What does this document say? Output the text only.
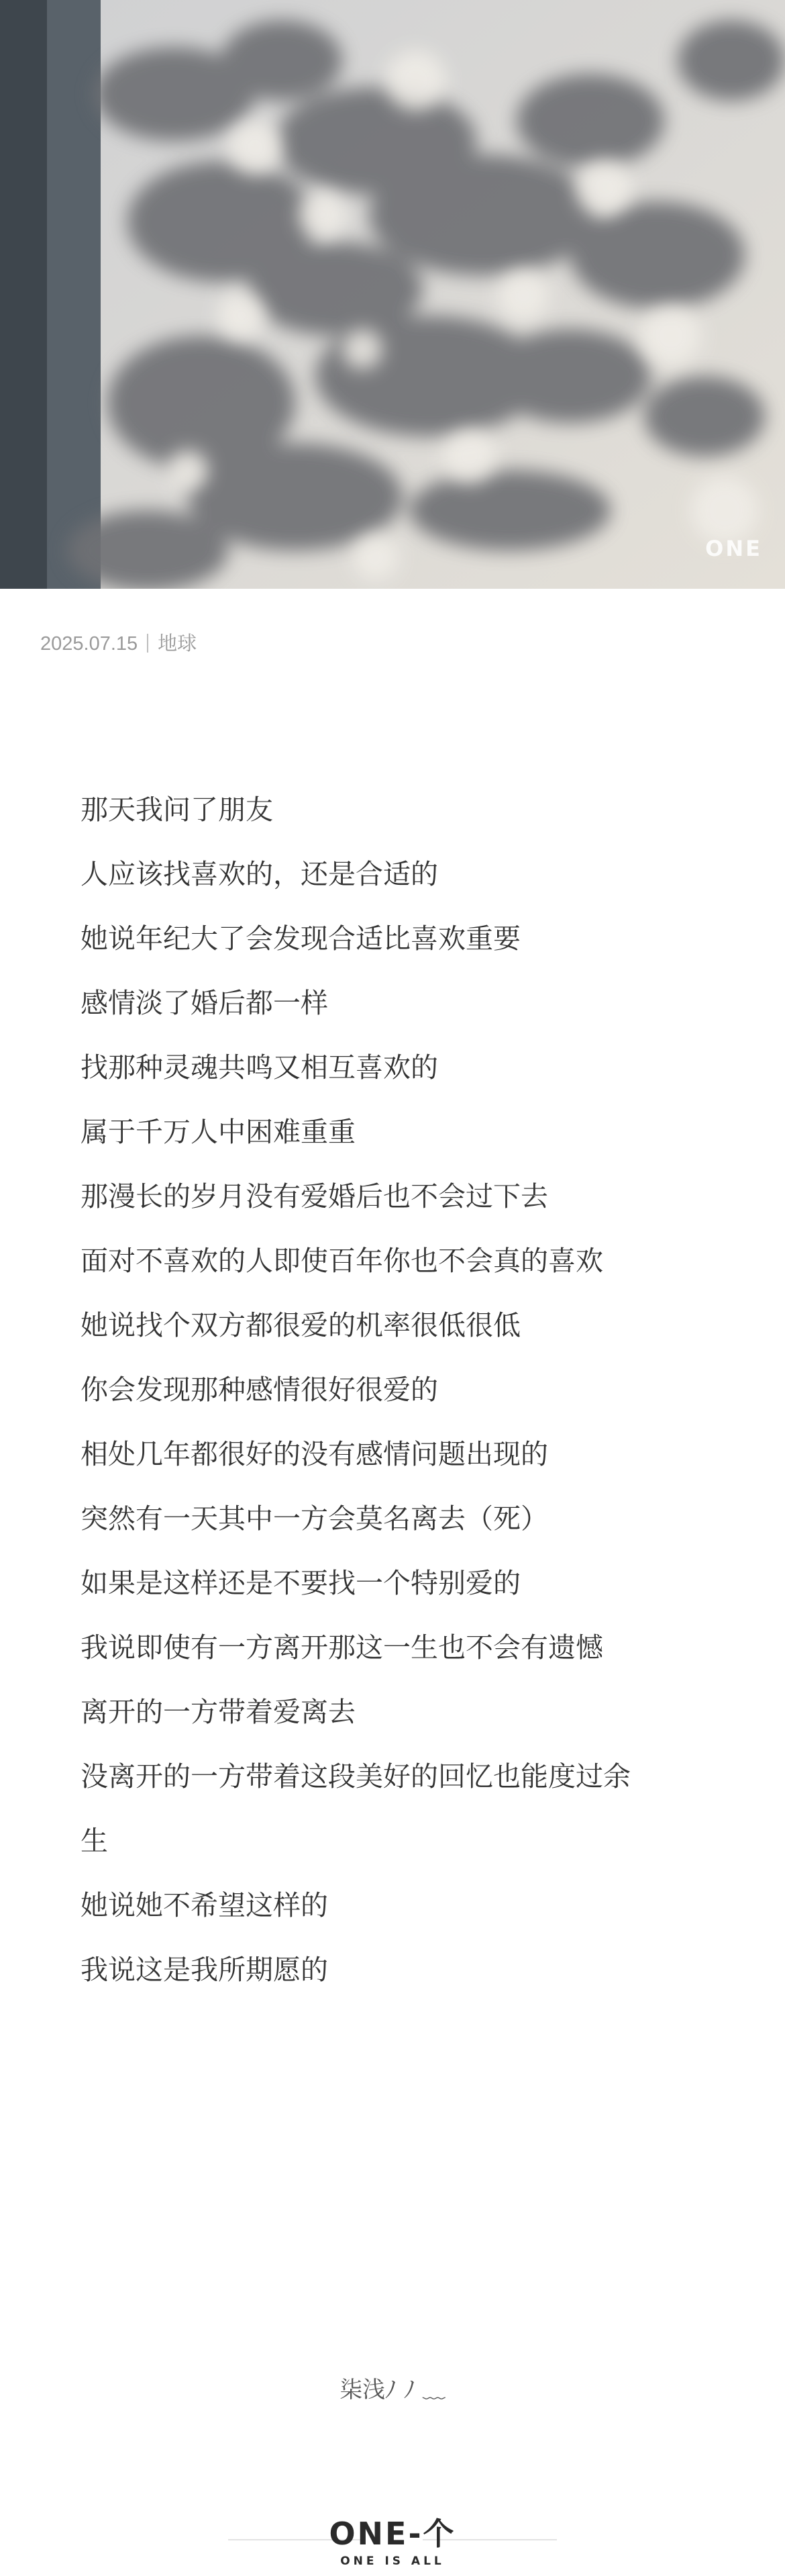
ONE
2025.07.15 地球
那天我问了朋友
人应该找喜欢的，还是合适的
她说年纪大了会发现合适比喜欢重要
感情淡了婚后都一样
找那种灵魂共鸣又相互喜欢的
属于千万人中困难重重
那漫长的岁月没有爱婚后也不会过下去
面对不喜欢的人即使百年你也不会真的喜欢
她说找个双方都很爱的机率很低很低
你会发现那种感情很好很爱的
相处几年都很好的没有感情问题出现的
突然有一天其中一方会莫名离去（死）
如果是这样还是不要找一个特别爱的
我说即使有一方离开那这一生也不会有遗憾
离开的一方带着爱离去
没离开的一方带着这段美好的回忆也能度过余
生
她说她不希望这样的
我说这是我所期愿的
柒浅ﾉ ﾉ ﹏
ONE-个
ONE IS ALL
